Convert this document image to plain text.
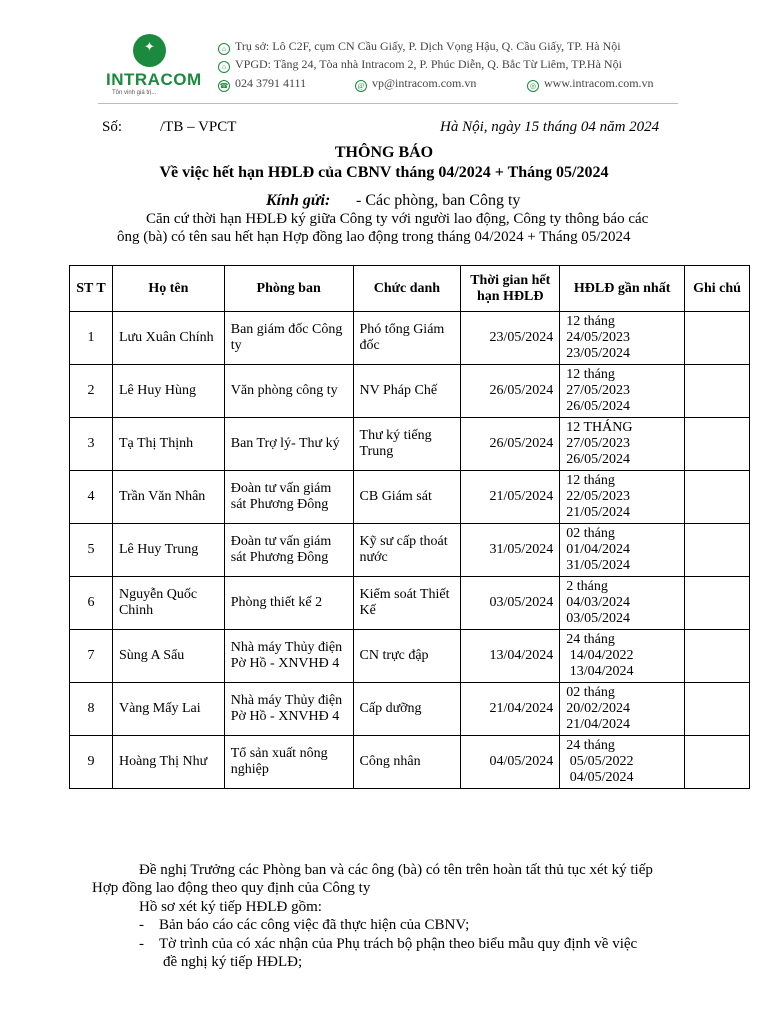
✦
INTRACOM
Tôn vinh giá trị...
⌂ Trụ sở: Lô C2F, cụm CN Cầu Giấy, P. Dịch Vọng Hậu, Q. Cầu Giấy, TP. Hà Nội
⌂ VPGD: Tầng 24, Tòa nhà Intracom 2, P. Phúc Diễn, Q. Bắc Từ Liêm, TP.Hà Nội
☎ 024 3791 4111	@ vp@intracom.com.vn	◎ www.intracom.com.vn
Số:	/TB – VPCT	Hà Nội, ngày 15 tháng 04 năm 2024
THÔNG BÁO
Về việc hết hạn HĐLĐ của CBNV tháng 04/2024 + Tháng 05/2024
Kính gửi: - Các phòng, ban Công ty
Căn cứ thời hạn HĐLĐ ký giữa Công ty với người lao động, Công ty thông báo các
ông (bà) có tên sau hết hạn Hợp đồng lao động trong tháng 04/2024 + Tháng 05/2024
ST T	Họ tên	Phòng ban	Chức danh	Thời gian hết hạn HĐLĐ	HĐLĐ gần nhất	Ghi chú
1	Lưu Xuân Chính	Ban giám đốc Công ty	Phó tổng Giám đốc	23/05/2024	12 tháng
24/05/2023
23/05/2024	

2	Lê Huy Hùng	Văn phòng công ty	NV Pháp Chế	26/05/2024	12 tháng
27/05/2023
26/05/2024	

3	Tạ Thị Thịnh	Ban Trợ lý- Thư ký	Thư ký tiếng Trung	26/05/2024	12 THÁNG
27/05/2023
26/05/2024	

4	Trần Văn Nhân	Đoàn tư vấn giám sát Phương Đông	CB Giám sát	21/05/2024	12 tháng
22/05/2023
21/05/2024	

5	Lê Huy Trung	Đoàn tư vấn giám sát Phương Đông	Kỹ sư cấp thoát nước	31/05/2024	02 tháng
01/04/2024
31/05/2024	

6	Nguyễn Quốc Chinh	Phòng thiết kế 2	Kiểm soát Thiết Kế	03/05/2024	2 tháng
04/03/2024
03/05/2024	

7	Sùng A Sẩu	Nhà máy Thủy điện Pờ Hồ - XNVHĐ 4	CN trực đập	13/04/2024	24 tháng
14/04/2022
13/04/2024	

8	Vàng Mấy Lai	Nhà máy Thủy điện Pờ Hồ - XNVHĐ 4	Cấp dưỡng	21/04/2024	02 tháng
20/02/2024
21/04/2024	

9	Hoàng Thị Như	Tổ sản xuất nông nghiệp	Công nhân	04/05/2024	24 tháng
05/05/2022
04/05/2024	

Đề nghị Trưởng các Phòng ban và các ông (bà) có tên trên hoàn tất thủ tục xét ký tiếp
Hợp đồng lao động theo quy định của Công ty
Hồ sơ xét ký tiếp HĐLĐ gồm:
-    Bản báo cáo các công việc đã thực hiện của CBNV;
-    Tờ trình của có xác nhận của Phụ trách bộ phận theo biểu mẫu quy định về việc
đề nghị ký tiếp HĐLĐ;
